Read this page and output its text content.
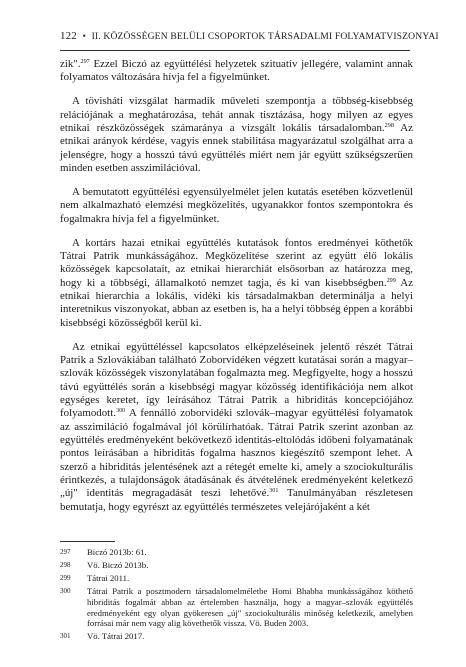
122 • II. KÖZÖSSÉGEN BELÜLI CSOPORTOK TÁRSADALMI FOLYAMATVISZONYAI

zik".$^{297}$ Ezzel Biczó az együttélési helyzetek szituatív jellegére, valamint annak folyamatos változására hívja fel a figyelmünket.

A tövisháti vizsgálat harmadik műveleti szempontja a többség-kisebbség relációjának a meghatározása, tehát annak tisztázása, hogy milyen az egyes etnikai részközösségek számaránya a vizsgált lokális társadalomban.$^{298}$ Az etnikai arányok kérdése, vagyis ennek stabilitása magyarázatul szolgálhat arra a jelenségre, hogy a hosszú távú együttélés miért nem jár együtt szükségszerűen minden esetben asszimilációval.

A bemutatott együttélési egyensúlyelmélet jelen kutatás esetében közvetlenül nem alkalmazható elemzési megközelítés, ugyanakkor fontos szempontokra és fogalmakra hívja fel a figyelmünket.

A kortárs hazai etnikai együttélés kutatások fontos eredményei köthetők Tátrai Patrik munkásságához. Megközelítése szerint az együtt élő lokális közösségek kapcsolatait, az etnikai hierarchiát elsősorban az határozza meg, hogy ki a többségi, államalkotó nemzet tagja, és ki van kisebbségben.$^{299}$ Az etnikai hierarchia a lokális, vidéki kis társadalmakban determinálja a helyi interetnikus viszonyokat, abban az esetben is, ha a helyi többség éppen a korábbi kisebbségi közösségből kerül ki.

Az etnikai együttéléssel kapcsolatos elképzeléseinek jelentő részét Tátrai Patrik a Szlovákiában található Zoborvidéken végzett kutatásai során a magyar–szlovák közösségek viszonylatában fogalmazta meg. Megfigyelte, hogy a hosszú távú együttélés során a kisebbségi magyar közösség identifikációja nem alkot egységes keretet, így leírásához Tátrai Patrik a hibriditás koncepciójához folyamodott.$^{300}$ A fennálló zoborvidéki szlovák–magyar együttélési folyamatok az asszimiláció fogalmával jól körülírhatóak. Tátrai Patrik szerint azonban az együttélés eredményeként bekövetkező identitás-eltolódás időbeni folyamatának pontos leírásában a hibriditás fogalma hasznos kiegészítő szempont lehet. A szerző a hibriditás jelentésének azt a rétegét emelte ki, amely a szociokulturális érintkezés, a tulajdonságok átadásának és átvételének eredményeként keletkező „új" identitás megragadását teszi lehetővé.$^{301}$ Tanulmányában részletesen bemutatja, hogy egyrészt az együttélés természetes velejárójaként a két

297	Biczó 2013b: 61.
298	Vö. Biczó 2013b.
299	Tátrai 2011.
300	Tátrai Patrik a posztmodern társadalomelméletbe Homi Bhabha munkásságához köthető hibriditás fogalmát abban az értelemben használja, hogy a magyar–szlovák együttélés eredményeként egy olyan gyökeresen „új" szociokulturális minőség keletkezik, amelyben forrásai már nem vagy alig követhetők vissza. Vö. Buden 2003.
301	Vö. Tátrai 2017.
